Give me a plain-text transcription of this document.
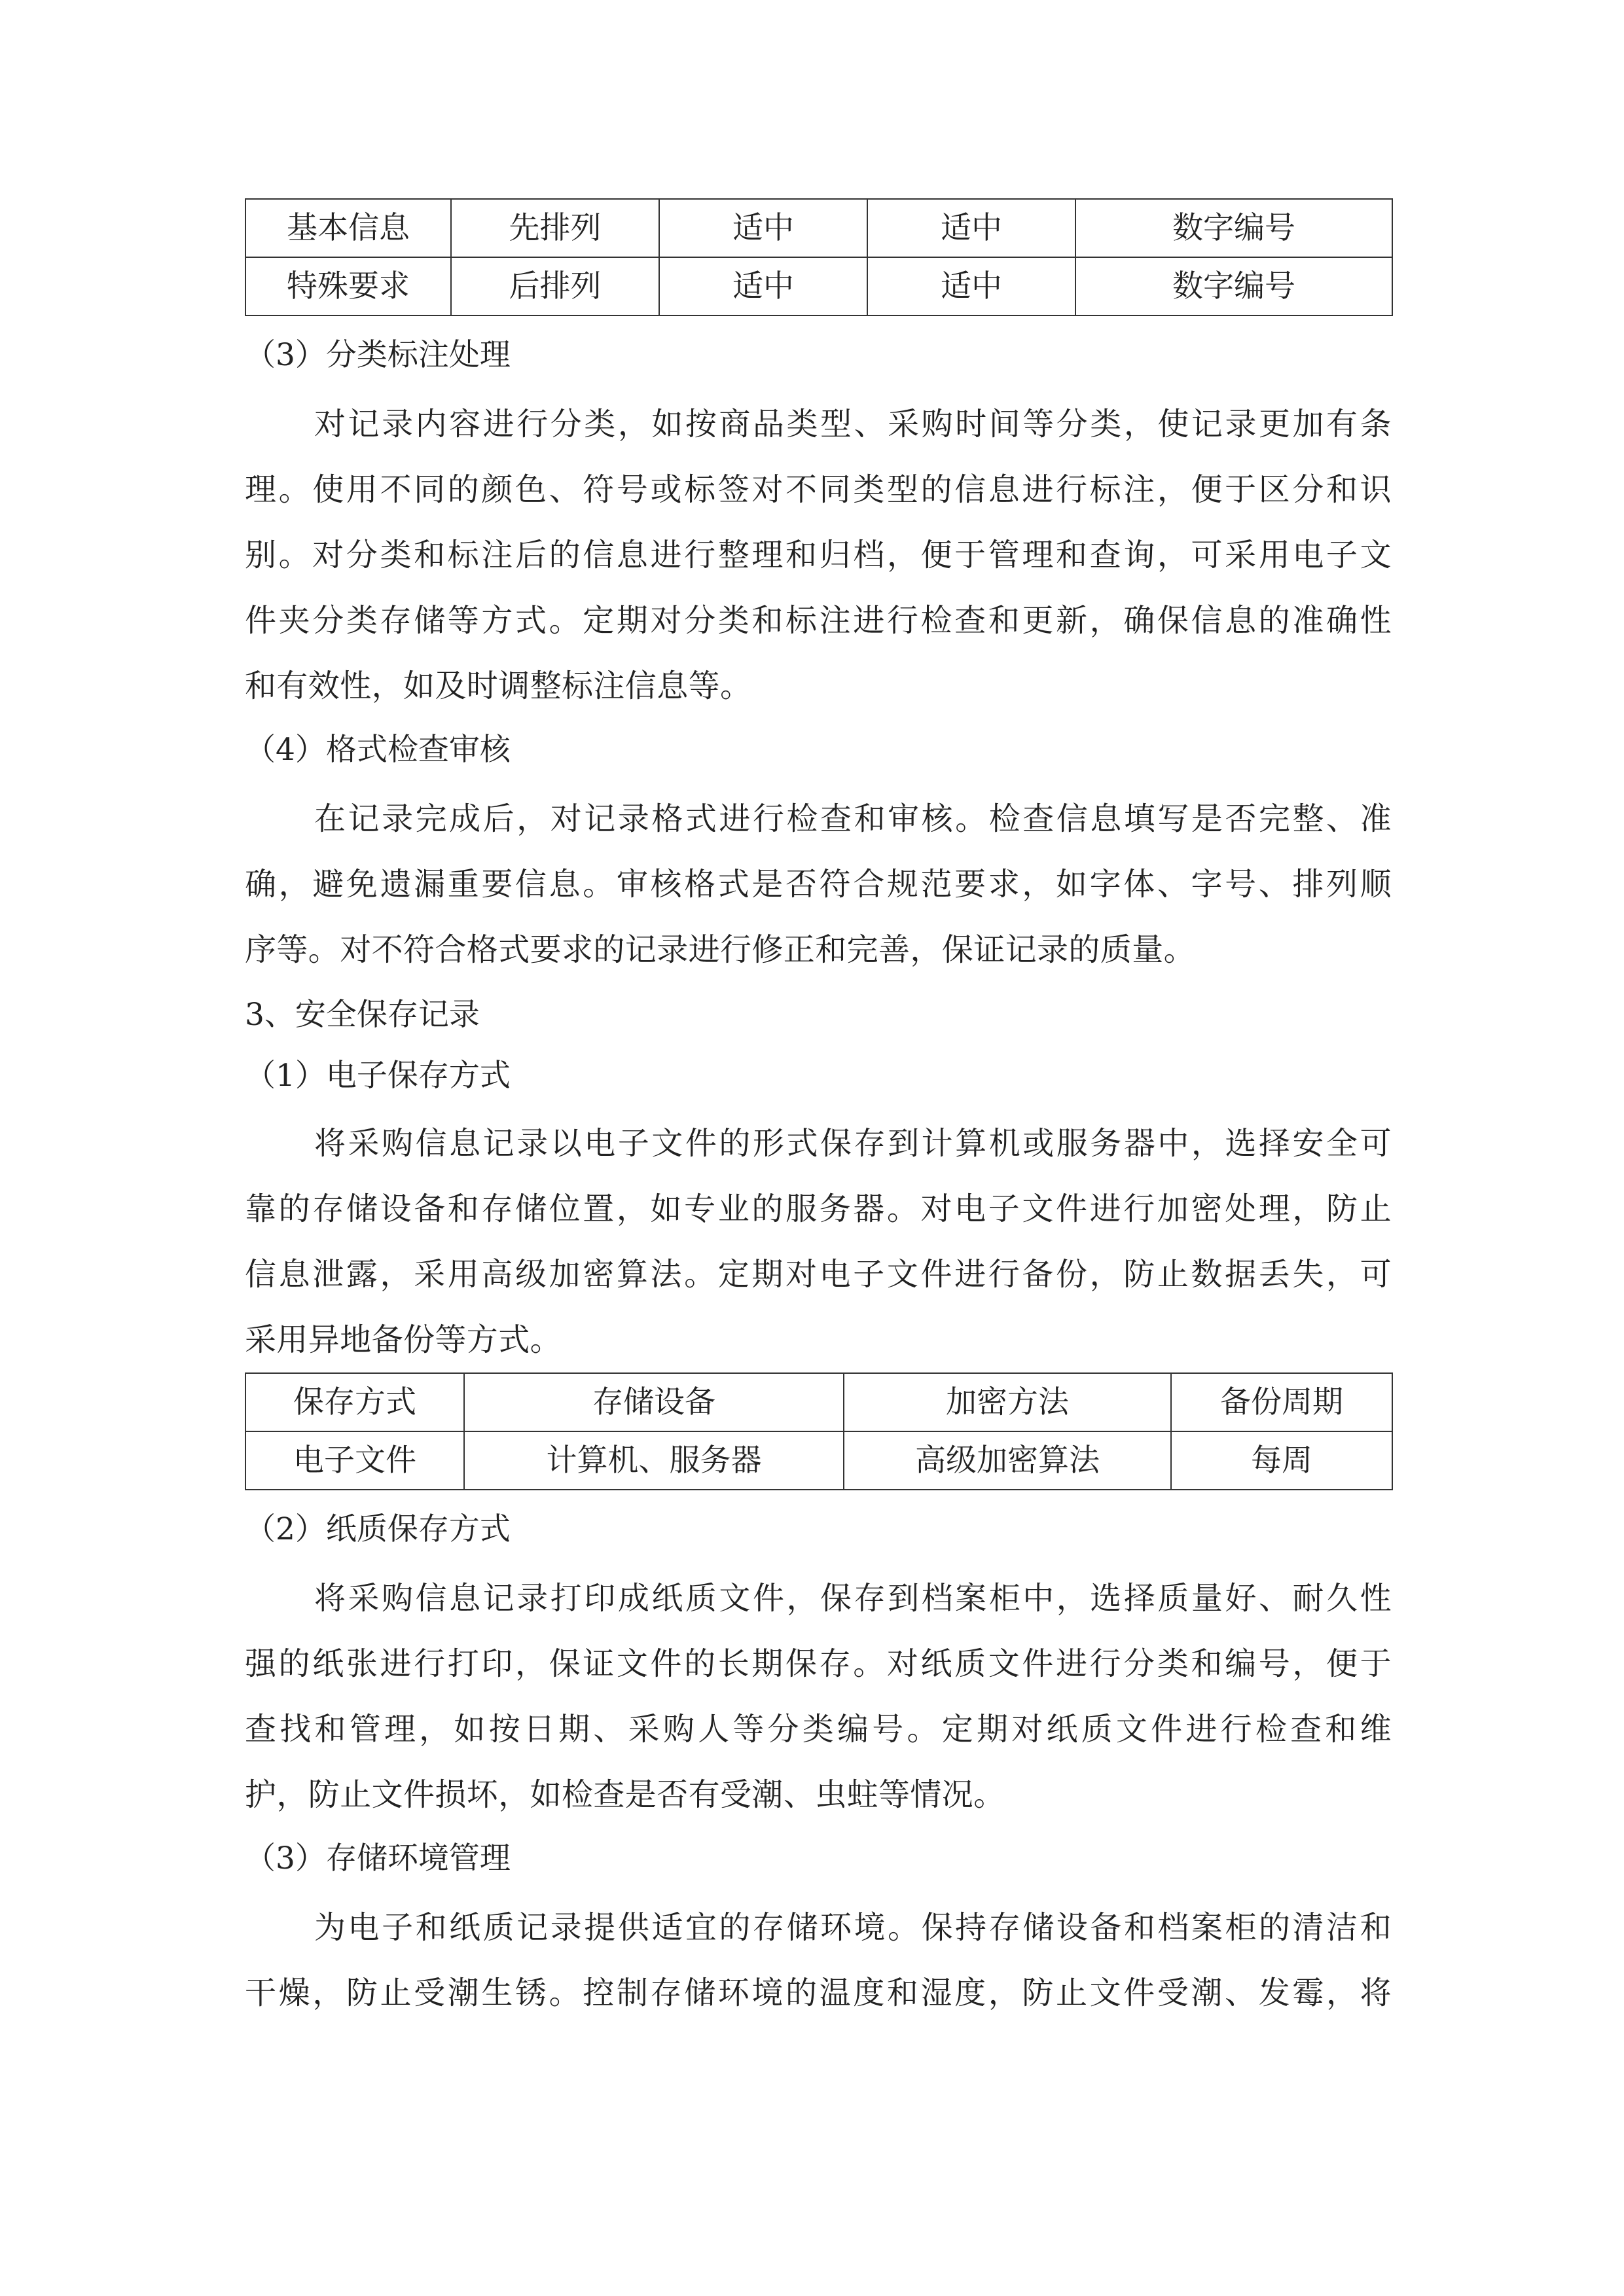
基本信息	先排列	适中	适中	数字编号
特殊要求	后排列	适中	适中	数字编号
（3）分类标注处理
对记录内容进行分类，如按商品类型、采购时间等分类，使记录更加有条
理。使用不同的颜色、符号或标签对不同类型的信息进行标注，便于区分和识
别。对分类和标注后的信息进行整理和归档，便于管理和查询，可采用电子文
件夹分类存储等方式。定期对分类和标注进行检查和更新，确保信息的准确性
和有效性，如及时调整标注信息等。
（4）格式检查审核
在记录完成后，对记录格式进行检查和审核。检查信息填写是否完整、准
确，避免遗漏重要信息。审核格式是否符合规范要求，如字体、字号、排列顺
序等。对不符合格式要求的记录进行修正和完善，保证记录的质量。
3、安全保存记录
（1）电子保存方式
将采购信息记录以电子文件的形式保存到计算机或服务器中，选择安全可
靠的存储设备和存储位置，如专业的服务器。对电子文件进行加密处理，防止
信息泄露，采用高级加密算法。定期对电子文件进行备份，防止数据丢失，可
采用异地备份等方式。
保存方式	存储设备	加密方法	备份周期
电子文件	计算机、服务器	高级加密算法	每周
（2）纸质保存方式
将采购信息记录打印成纸质文件，保存到档案柜中，选择质量好、耐久性
强的纸张进行打印，保证文件的长期保存。对纸质文件进行分类和编号，便于
查找和管理，如按日期、采购人等分类编号。定期对纸质文件进行检查和维
护，防止文件损坏，如检查是否有受潮、虫蛀等情况。
（3）存储环境管理
为电子和纸质记录提供适宜的存储环境。保持存储设备和档案柜的清洁和
干燥，防止受潮生锈。控制存储环境的温度和湿度，防止文件受潮、发霉，将
